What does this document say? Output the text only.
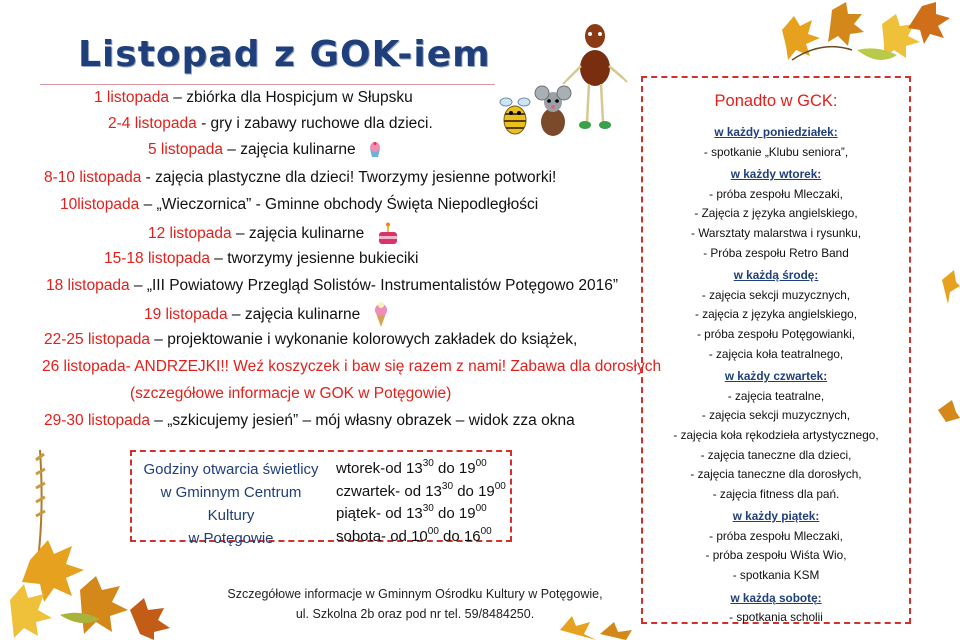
Listopad z GOK-iem
1 listopada – zbiórka dla Hospicjum w Słupsku
2-4 listopada - gry i zabawy ruchowe dla dzieci.
5 listopada – zajęcia kulinarne
8-10 listopada - zajęcia plastyczne dla dzieci! Tworzymy jesienne potworki!
10listopada – „Wieczornica” - Gminne obchody Święta Niepodległości
12 listopada – zajęcia kulinarne
15-18 listopada – tworzymy jesienne bukieciki
18 listopada – „III Powiatowy Przegląd Solistów- Instrumentalistów Potęgowo 2016”
19 listopada – zajęcia kulinarne
22-25 listopada – projektowanie i wykonanie kolorowych zakładek do książek,
26 listopada- ANDRZEJKI!! Weź koszyczek i baw się razem z nami! Zabawa dla dorosłych
(szczegółowe informacje w GOK w Potęgowie)
29-30 listopada – „szkicujemy jesień” – mój własny obrazek – widok zza okna
Godziny otwarcia świetlicy
w Gminnym Centrum Kultury
w Potęgowie
wtorek-od $13^{30}$ do $19^{00}$
czwartek- od $13^{30}$ do $19^{00}$
piątek- od $13^{30}$ do $19^{00}$
sobota- od $10^{00}$ do $16^{00}$
Szczegółowe informacje w Gminnym Ośrodku Kultury w Potęgowie,
ul. Szkolna 2b oraz pod nr tel. 59/8484250.
Ponadto w GCK:
w każdy poniedziałek:
- spotkanie „Klubu seniora”,
w każdy wtorek:
- próba zespołu Mleczaki,
- Zajęcia z języka angielskiego,
- Warsztaty malarstwa i rysunku,
- Próba zespołu Retro Band
w każdą środę:
- zajęcia sekcji muzycznych,
- zajęcia z języka angielskiego,
- próba zespołu Potęgowianki,
- zajęcia koła teatralnego,
w każdy czwartek:
- zajęcia teatralne,
- zajęcia sekcji muzycznych,
- zajęcia koła rękodzieła artystycznego,
- zajęcia taneczne dla dzieci,
- zajęcia taneczne dla dorosłych,
- zajęcia fitness dla pań.
w każdy piątek:
- próba zespołu Mleczaki,
- próba zespołu Wiśta Wio,
- spotkania KSM
w każdą sobotę:
- spotkania scholii
